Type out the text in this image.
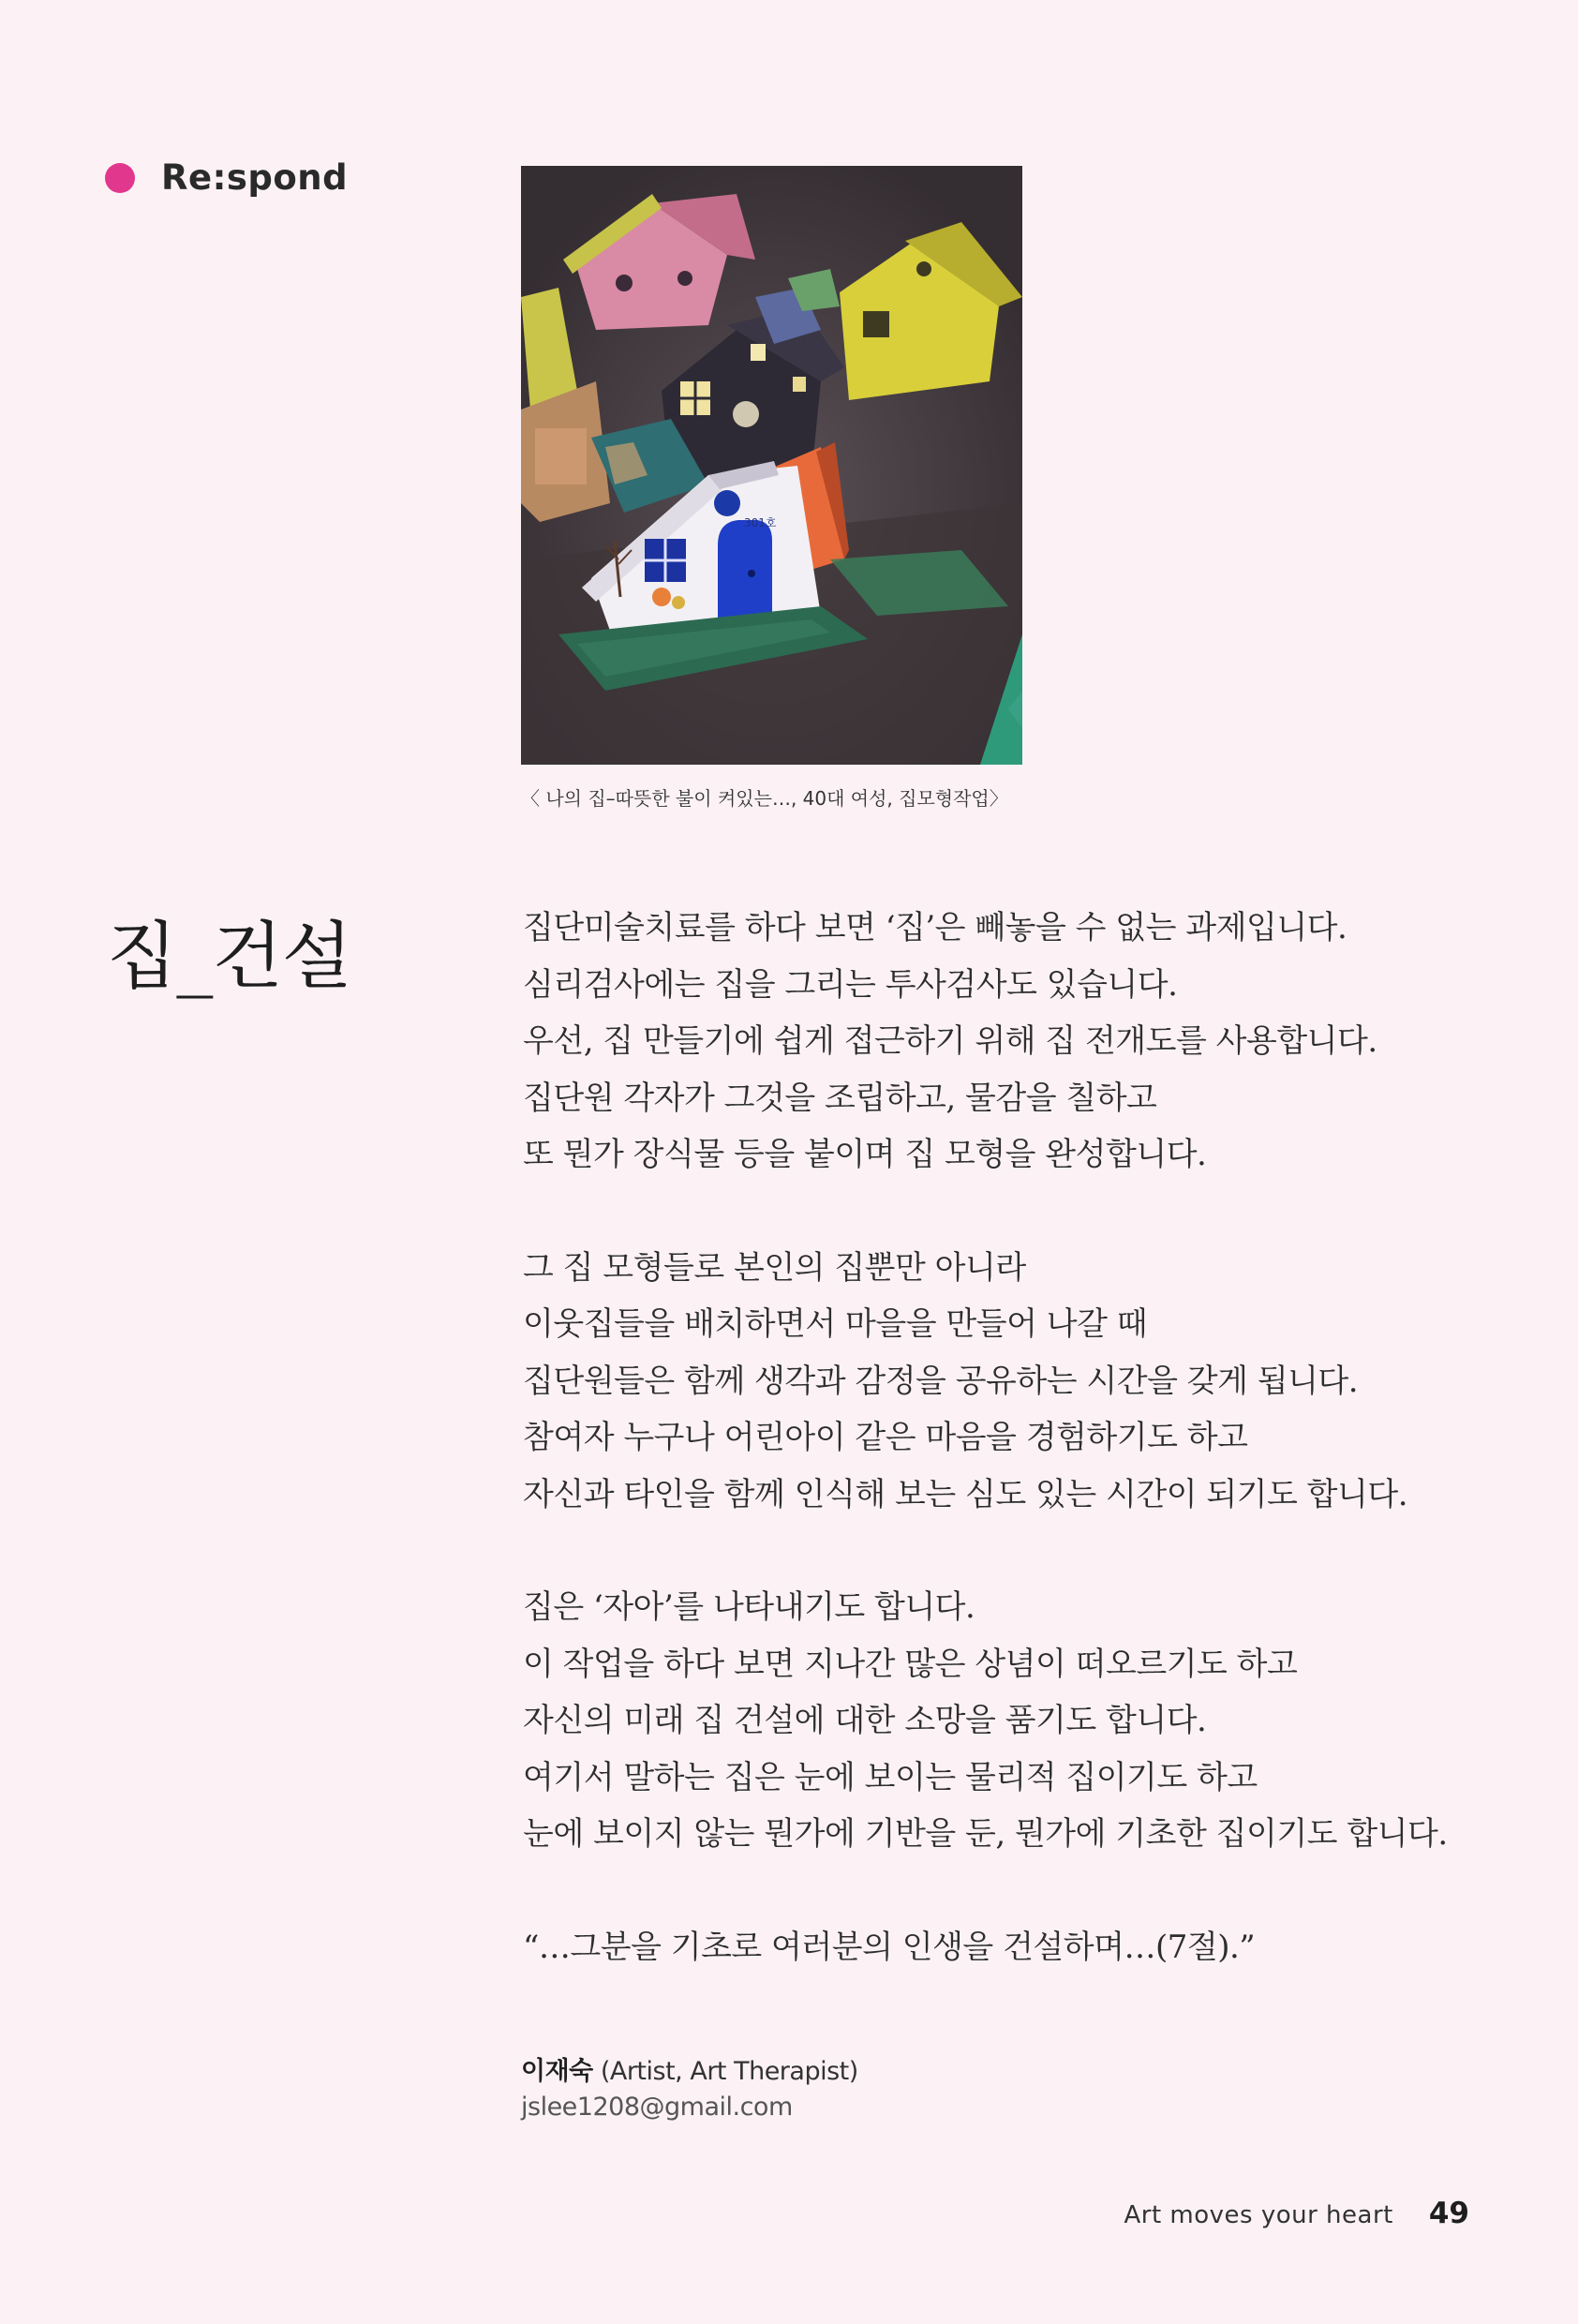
Re:spond
301호
〈 나의 집–따뜻한 불이 켜있는…, 40대 여성, 집모형작업〉
집_건설	집단미술치료를 하다 보면 ‘집’은 빼놓을 수 없는 과제입니다.
심리검사에는 집을 그리는 투사검사도 있습니다.
우선, 집 만들기에 쉽게 접근하기 위해 집 전개도를 사용합니다.
집단원 각자가 그것을 조립하고, 물감을 칠하고
또 뭔가 장식물 등을 붙이며 집 모형을 완성합니다.

그 집 모형들로 본인의 집뿐만 아니라
이웃집들을 배치하면서 마을을 만들어 나갈 때
집단원들은 함께 생각과 감정을 공유하는 시간을 갖게 됩니다.
참여자 누구나 어린아이 같은 마음을 경험하기도 하고
자신과 타인을 함께 인식해 보는 심도 있는 시간이 되기도 합니다.

집은 ‘자아’를 나타내기도 합니다.
이 작업을 하다 보면 지나간 많은 상념이 떠오르기도 하고
자신의 미래 집 건설에 대한 소망을 품기도 합니다.
여기서 말하는 집은 눈에 보이는 물리적 집이기도 하고
눈에 보이지 않는 뭔가에 기반을 둔, 뭔가에 기초한 집이기도 합니다.

“…그분을 기초로 여러분의 인생을 건설하며…(7절).”

이재숙 (Artist, Art Therapist)
jslee1208@gmail.com
Art moves your heart 49
